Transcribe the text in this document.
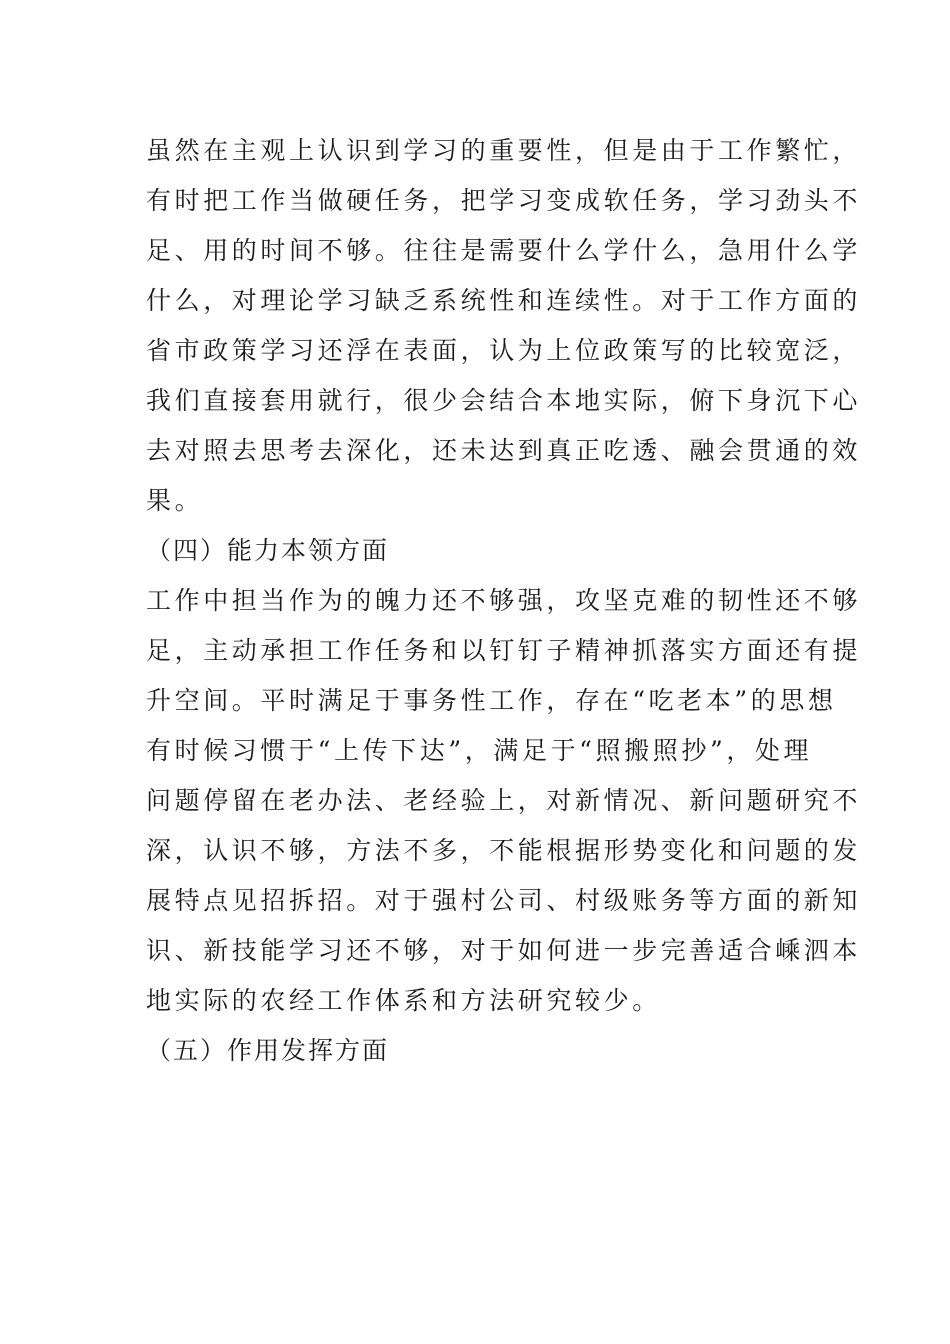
虽然在主观上认识到学习的重要性，但是由于工作繁忙，
有时把工作当做硬任务，把学习变成软任务，学习劲头不
足、用的时间不够。往往是需要什么学什么，急用什么学
什么，对理论学习缺乏系统性和连续性。对于工作方面的
省市政策学习还浮在表面，认为上位政策写的比较宽泛，
我们直接套用就行，很少会结合本地实际，俯下身沉下心
去对照去思考去深化，还未达到真正吃透、融会贯通的效
果。
（四）能力本领方面
工作中担当作为的魄力还不够强，攻坚克难的韧性还不够
足，主动承担工作任务和以钉钉子精神抓落实方面还有提
升空间。平时满足于事务性工作，存在“吃老本”的思想
有时候习惯于“上传下达”，满足于“照搬照抄”，处理
问题停留在老办法、老经验上，对新情况、新问题研究不
深，认识不够，方法不多，不能根据形势变化和问题的发
展特点见招拆招。对于强村公司、村级账务等方面的新知
识、新技能学习还不够，对于如何进一步完善适合嵊泗本
地实际的农经工作体系和方法研究较少。
（五）作用发挥方面
